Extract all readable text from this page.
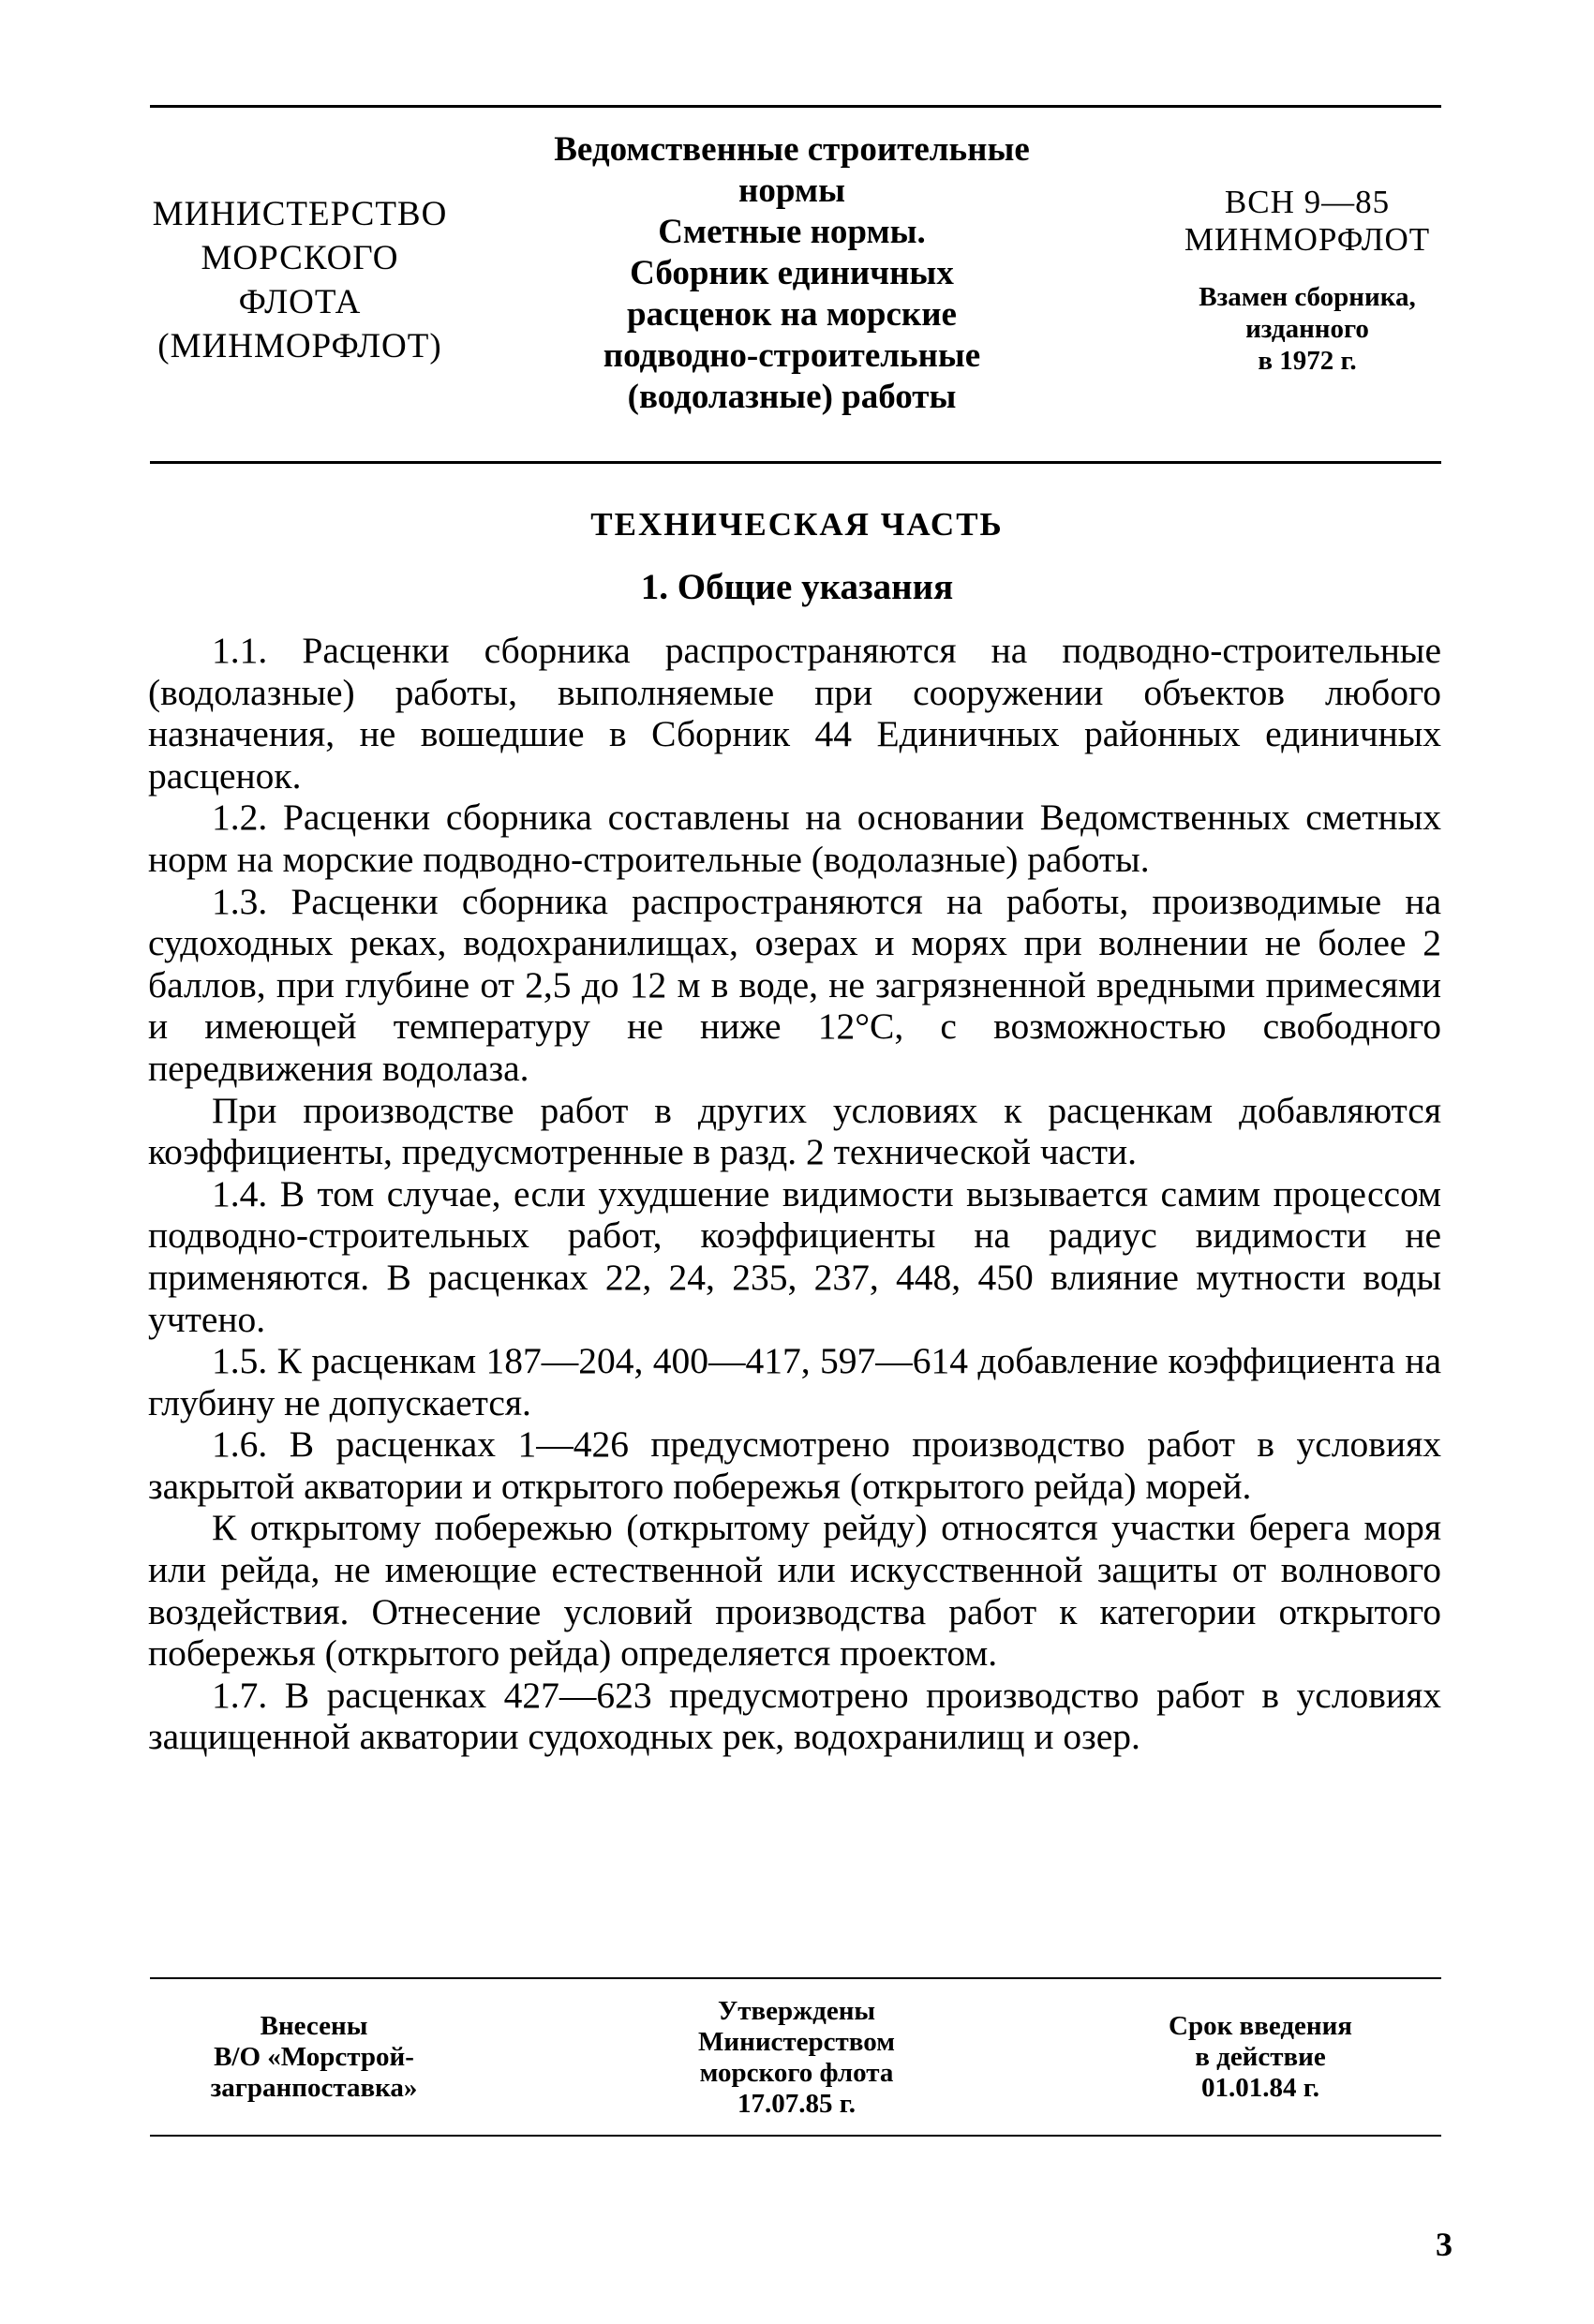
МИНИСТЕРСТВО
МОРСКОГО
ФЛОТА
(МИНМОРФЛОТ)
Ведомственные строительные
нормы
Сметные нормы.
Сборник единичных
расценок на морские
подводно-строительные
(водолазные) работы
ВСН 9—85
МИНМОРФЛОТ
Взамен сборника,
изданного
в 1972 г.
ТЕХНИЧЕСКАЯ ЧАСТЬ
1. Общие указания

1.1. Расценки сборника распространяются на подводно-строительные (водолазные) работы, выполняемые при сооружении объектов любого назначения, не вошедшие в Сборник 44 Единичных районных единичных расценок.

1.2. Расценки сборника составлены на основании Ведомственных сметных норм на морские подводно-строительные (водолазные) работы.

1.3. Расценки сборника распространяются на работы, производимые на судоходных реках, водохранилищах, озерах и морях при волнении не более 2 баллов, при глубине от 2,5 до 12 м в воде, не загрязненной вредными примесями и имеющей температуру не ниже 12°С, с возможностью свободного передвижения водолаза.

При производстве работ в других условиях к расценкам добавляются коэффициенты, предусмотренные в разд. 2 технической части.

1.4. В том случае, если ухудшение видимости вызывается самим процессом подводно-строительных работ, коэффициенты на радиус видимости не применяются. В расценках 22, 24, 235, 237, 448, 450 влияние мутности воды учтено.

1.5. К расценкам 187—204, 400—417, 597—614 добавление коэффициента на глубину не допускается.

1.6. В расценках 1—426 предусмотрено производство работ в условиях закрытой акватории и открытого побережья (открытого рейда) морей.

К открытому побережью (открытому рейду) относятся участки берега моря или рейда, не имеющие естественной или искусственной защиты от волнового воздействия. Отнесение условий производства работ к категории открытого побережья (открытого рейда) определяется проектом.

1.7. В расценках 427—623 предусмотрено производство работ в условиях защищенной акватории судоходных рек, водохранилищ и озер.

Внесены
В/О «Морстрой-
загранпоставка»
Утверждены
Министерством
морского флота
17.07.85 г.
Срок введения
в действие
01.01.84 г.
3
